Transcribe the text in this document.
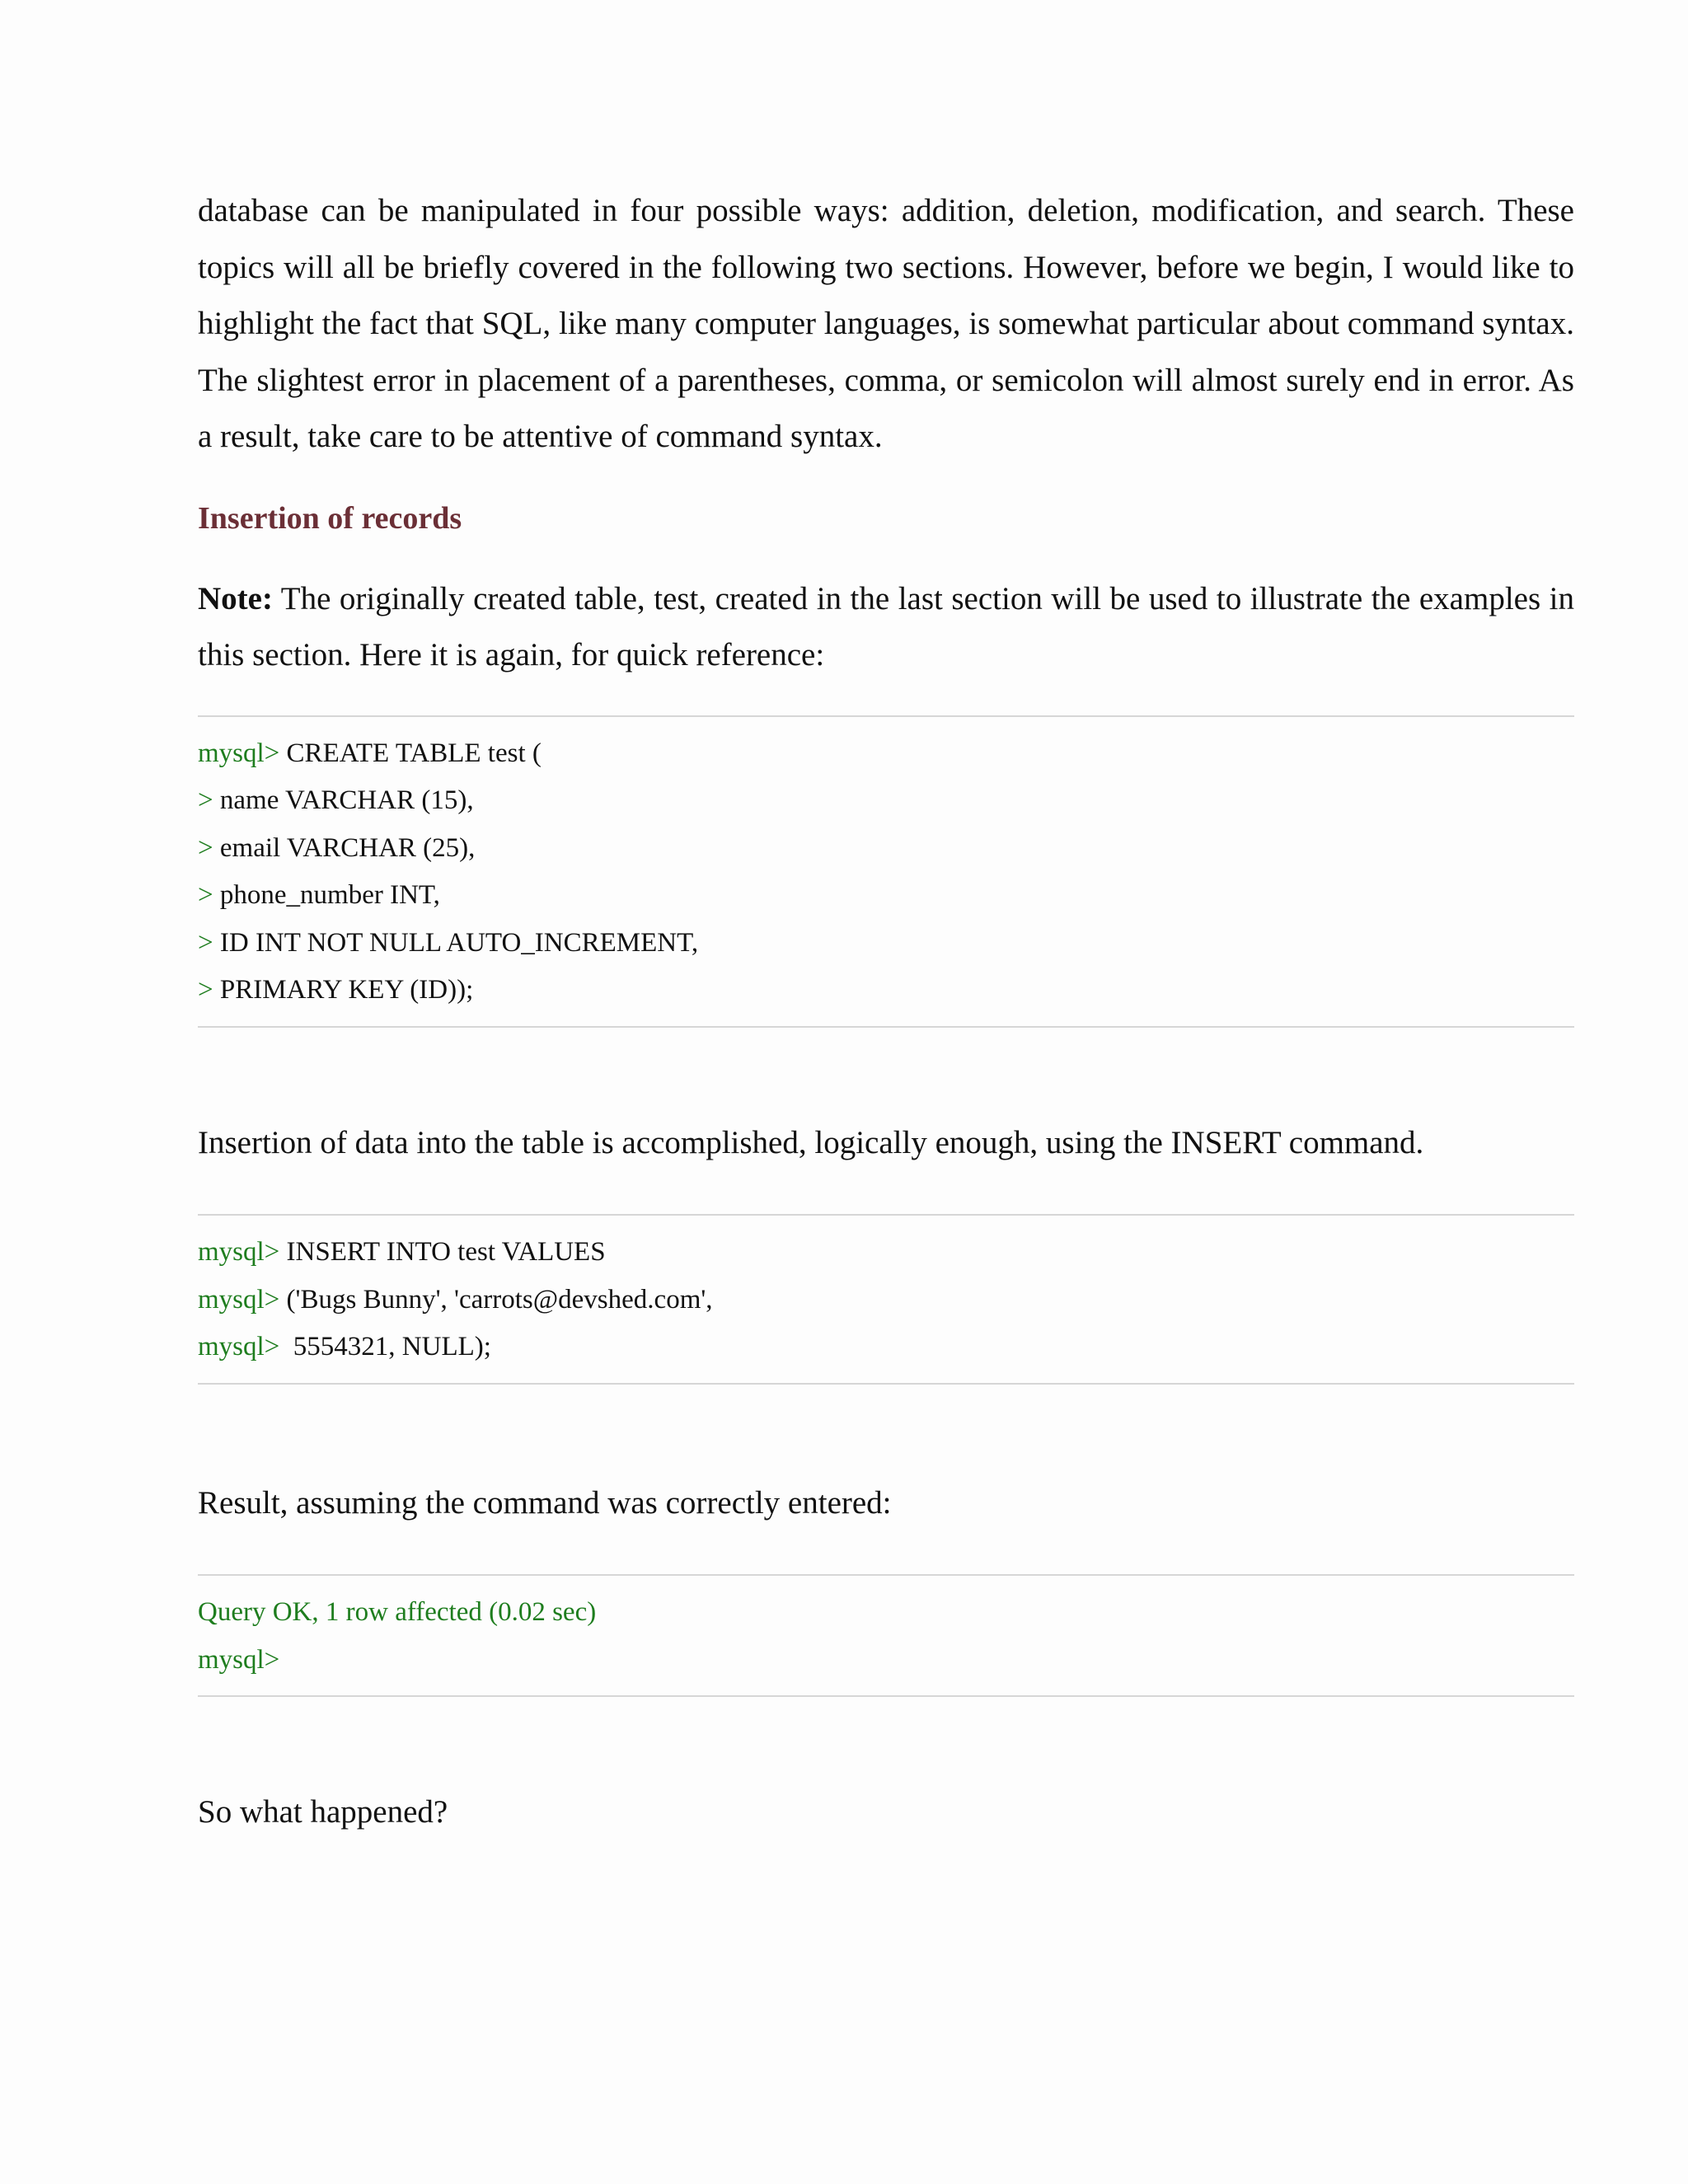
database can be manipulated in four possible ways: addition, deletion, modification, and search. These topics will all be briefly covered in the following two sections. However, before we begin, I would like to highlight the fact that SQL, like many computer languages, is somewhat particular about command syntax. The slightest error in placement of a parentheses, comma, or semicolon will almost surely end in error. As a result, take care to be attentive of command syntax.

Insertion of records

Note: The originally created table, test, created in the last section will be used to illustrate the examples in this section. Here it is again, for quick reference:

mysql> CREATE TABLE test (
> name VARCHAR (15),
> email VARCHAR (25),
> phone_number INT,
> ID INT NOT NULL AUTO_INCREMENT,
> PRIMARY KEY (ID));

Insertion of data into the table is accomplished, logically enough, using the INSERT command.

mysql> INSERT INTO test VALUES
mysql> ('Bugs Bunny', 'carrots@devshed.com',
mysql>  5554321, NULL);

Result, assuming the command was correctly entered:

Query OK, 1 row affected (0.02 sec)
mysql>

So what happened?
